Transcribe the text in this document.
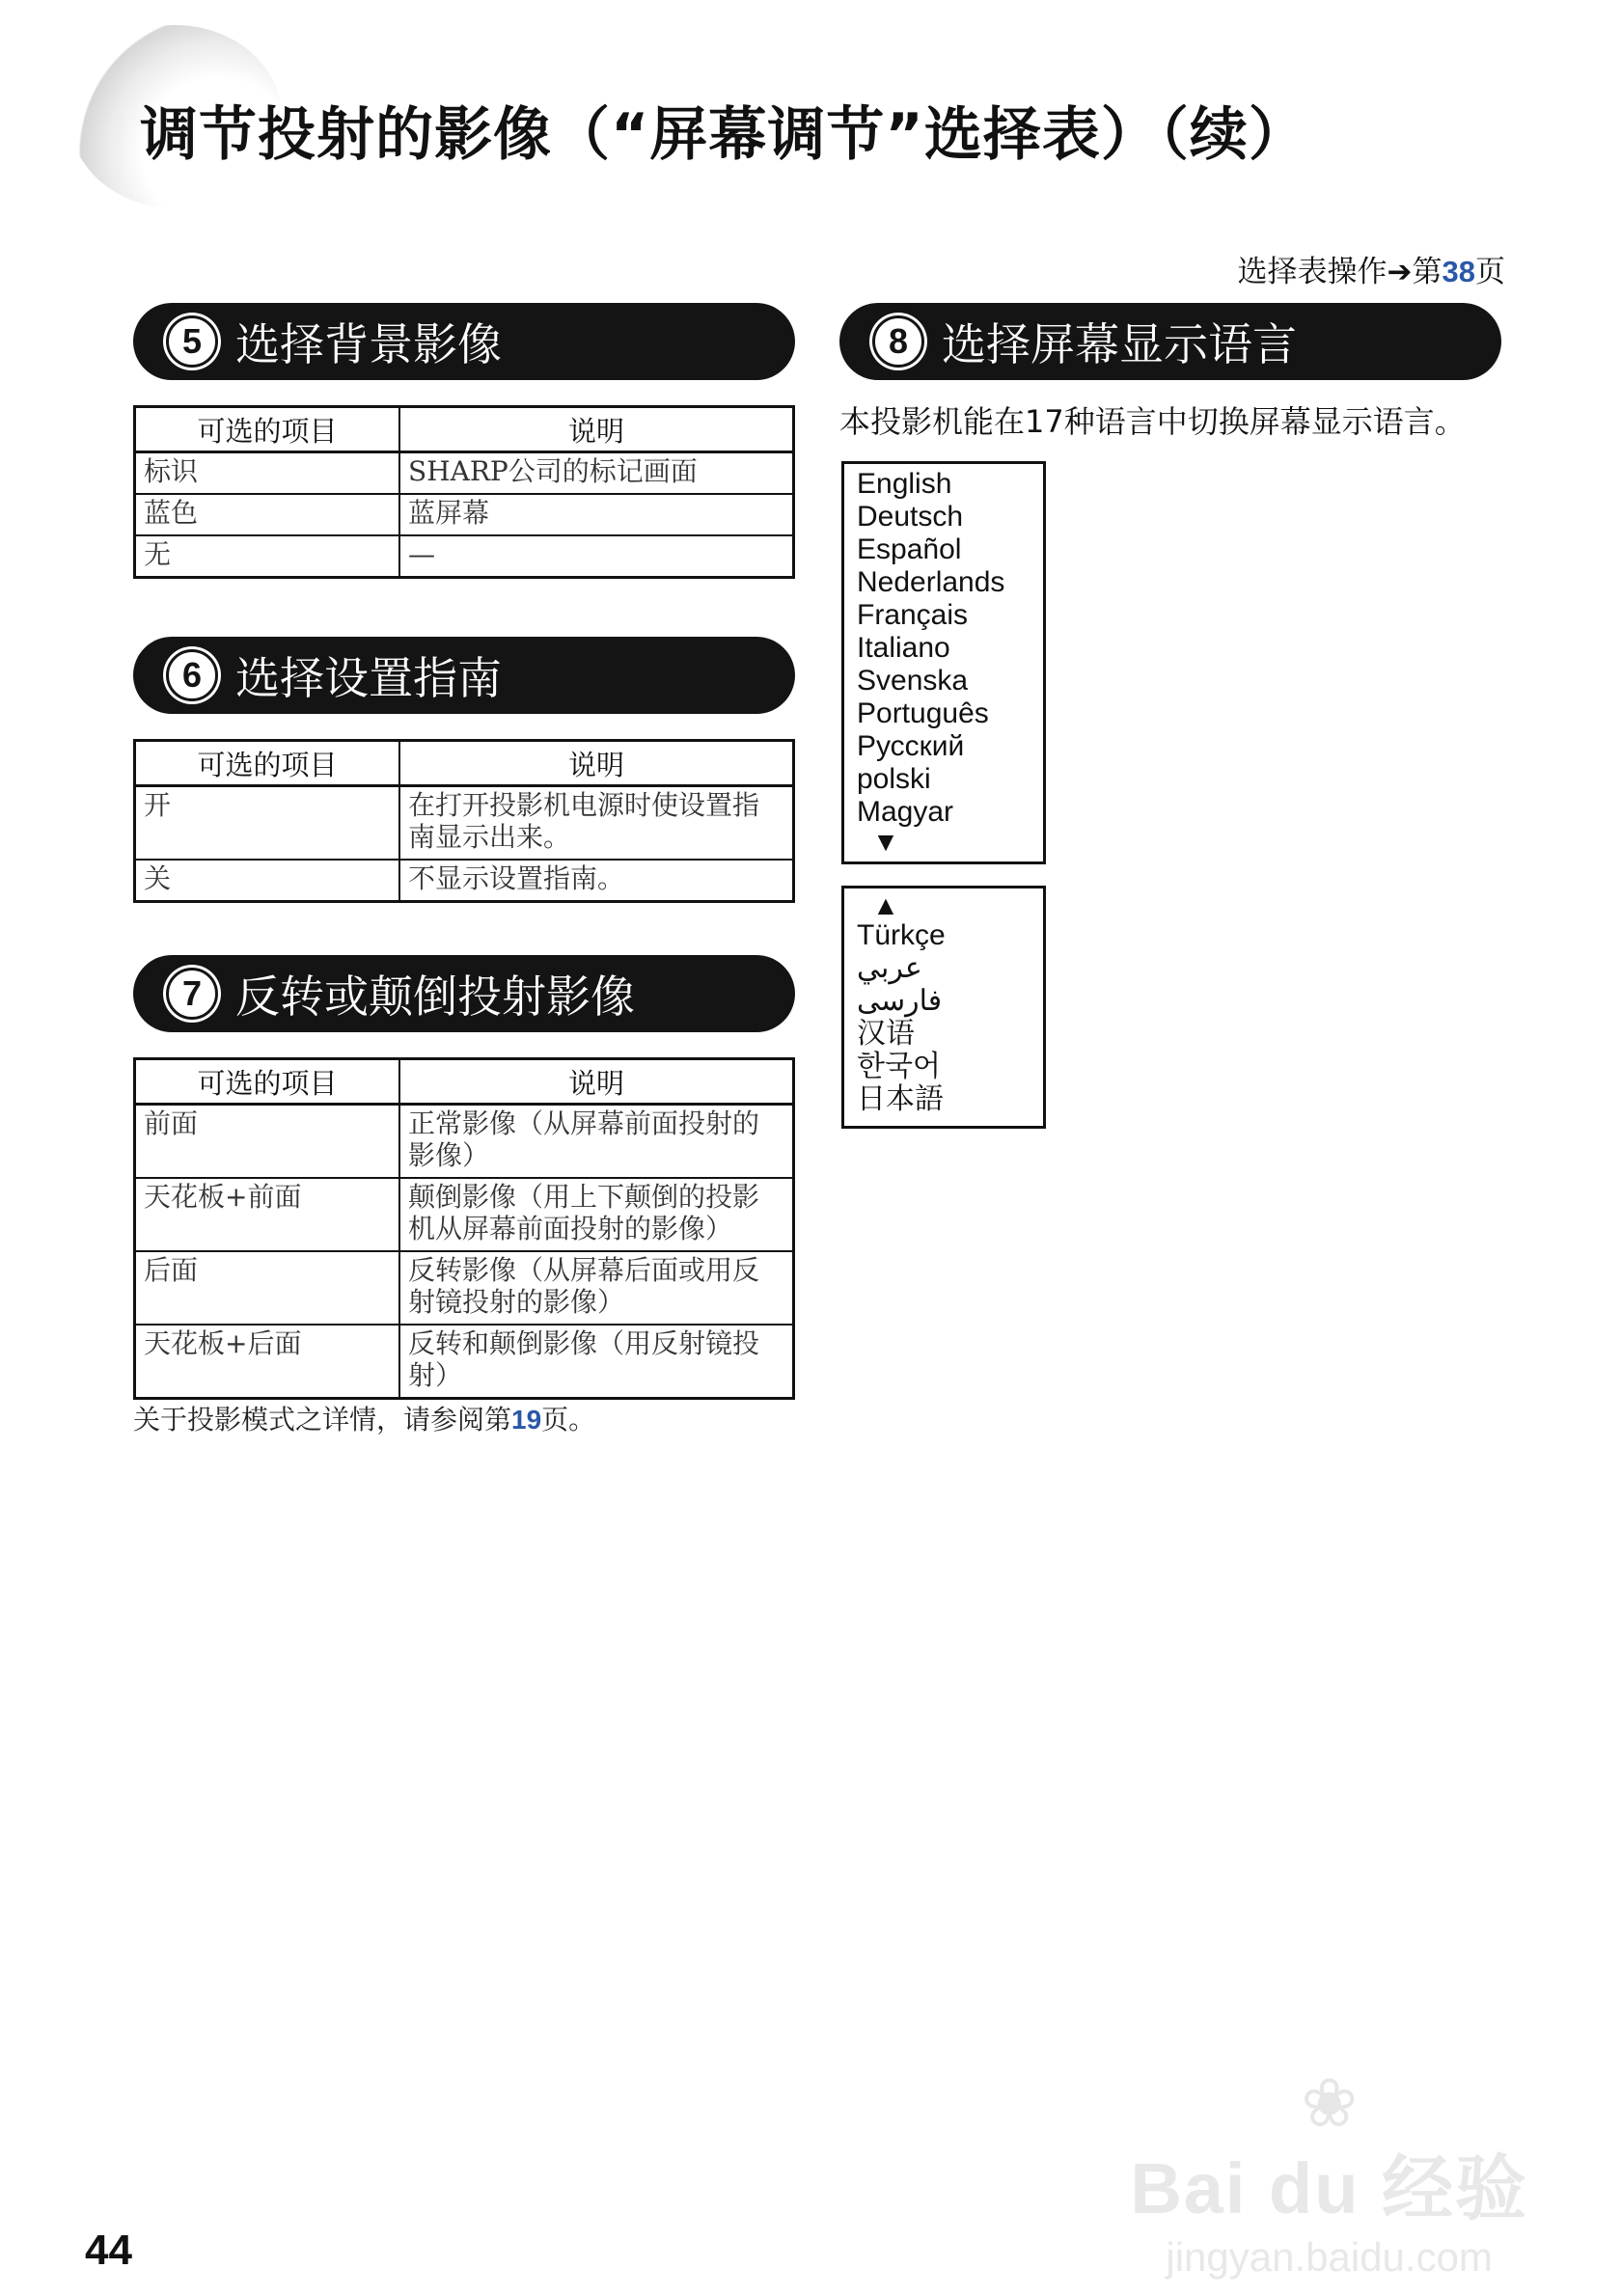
调节投射的影像（“屏幕调节”选择表）（续）
选择表操作➔第38页
5 选择背景影像
可选的项目	说明
标识	SHARP公司的标记画面
蓝色	蓝屏幕
无	—
6 选择设置指南
可选的项目	说明
开	在打开投影机电源时使设置指南显示出来。
关	不显示设置指南。
7 反转或颠倒投射影像
可选的项目	说明
前面	正常影像（从屏幕前面投射的影像）
天花板+前面	颠倒影像（用上下颠倒的投影机从屏幕前面投射的影像）
后面	反转影像（从屏幕后面或用反射镜投射的影像）
天花板+后面	反转和颠倒影像（用反射镜投射）
关于投影模式之详情，请参阅第19页。
8 选择屏幕显示语言
本投影机能在17种语言中切换屏幕显示语言。
English
Deutsch
Español
Nederlands
Français
Italiano
Svenska
Português
Русский
polski
Magyar
▼
▲
Türkçe
عربي
فارسی
汉语
한국어
日本語
44
❀
Bai du 经验
jingyan.baidu.com
